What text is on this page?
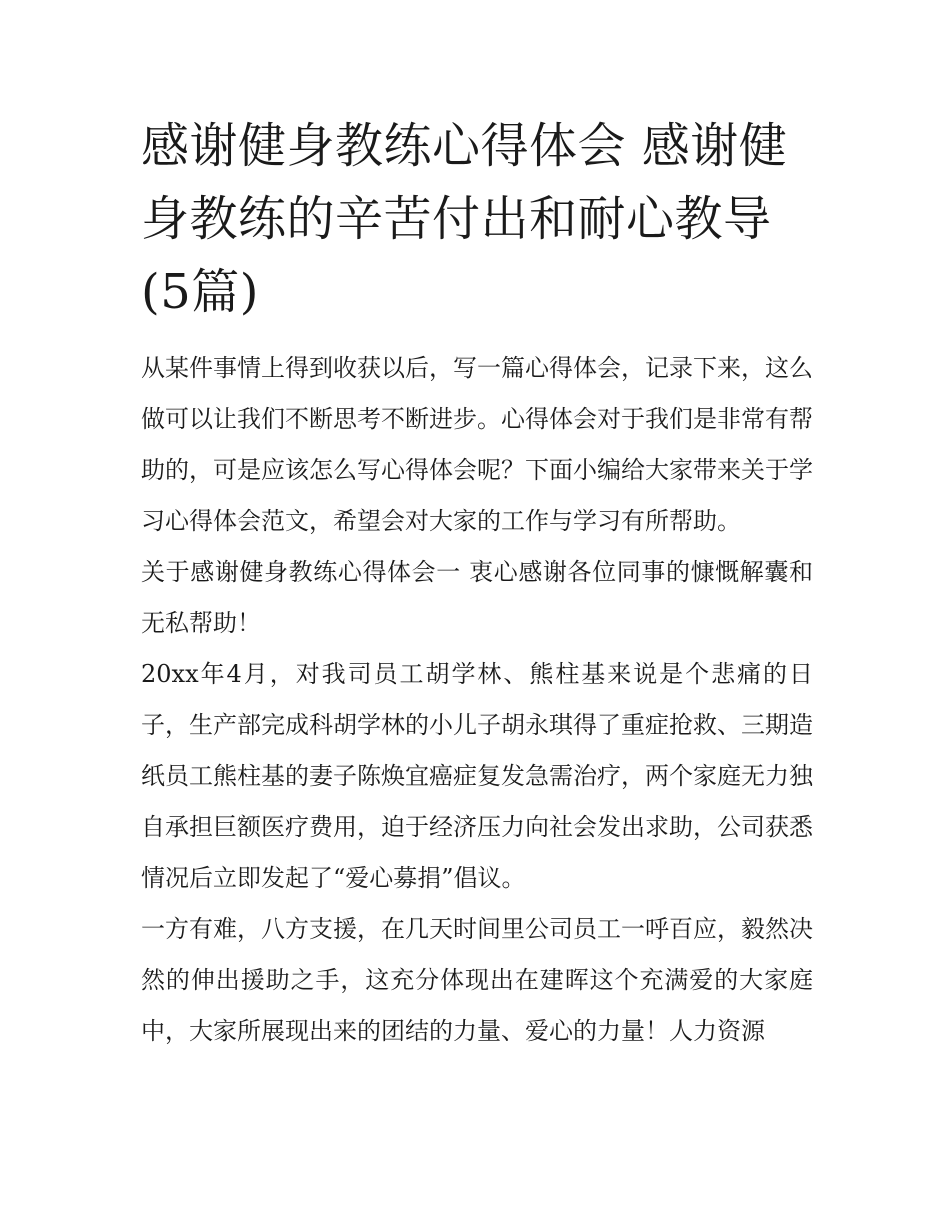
感谢健身教练心得体会 感谢健身教练的辛苦付出和耐心教导(5篇)

从某件事情上得到收获以后，写一篇心得体会，记录下来，这么做可以让我们不断思考不断进步。心得体会对于我们是非常有帮助的，可是应该怎么写心得体会呢？下面小编给大家带来关于学习心得体会范文，希望会对大家的工作与学习有所帮助。

关于感谢健身教练心得体会一 衷心感谢各位同事的慷慨解囊和无私帮助！

20xx年4月，对我司员工胡学林、熊柱基来说是个悲痛的日子，生产部完成科胡学林的小儿子胡永琪得了重症抢救、三期造纸员工熊柱基的妻子陈焕宜癌症复发急需治疗，两个家庭无力独自承担巨额医疗费用，迫于经济压力向社会发出求助，公司获悉情况后立即发起了“爱心募捐”倡议。

一方有难，八方支援，在几天时间里公司员工一呼百应，毅然决然的伸出援助之手，这充分体现出在建晖这个充满爱的大家庭中，大家所展现出来的团结的力量、爱心的力量！人力资源
